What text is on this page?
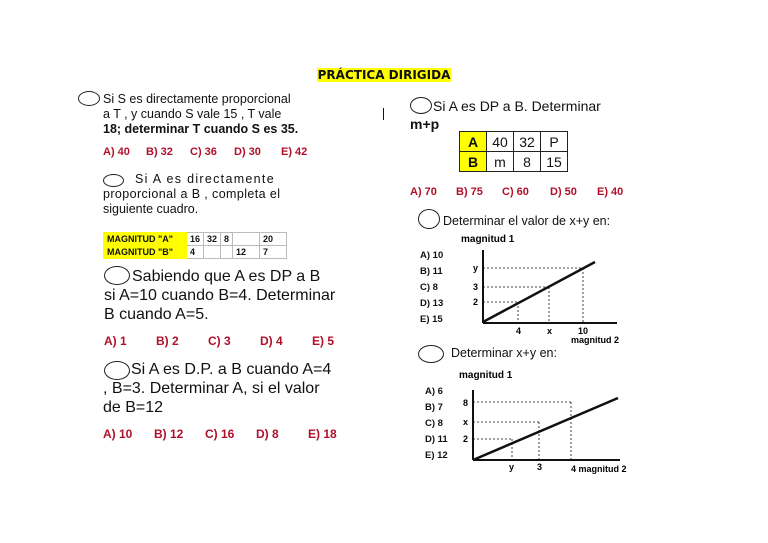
PRÁCTICA DIRIGIDA
Si S es directamente proporcional
a T , y cuando S vale 15 , T vale
18; determinar T cuando S es 35.
A) 40	B) 32	C) 36	D) 30	E) 42
Si A es directamente
proporcional a B , completa el
siguiente cuadro.
MAGNITUD "A"	16	32	8		20
MAGNITUD "B"	4			12	7
Sabiendo que A es DP a B
si A=10 cuando B=4. Determinar
B cuando A=5.
A) 1	B) 2	C) 3	D) 4	E) 5
Si A es D.P. a B cuando A=4
, B=3. Determinar A, si el valor
de B=12
A) 10	B) 12	C) 16	D) 8	E) 18
Si A es DP a B. Determinar
m+p
A	40	32	P
B	m	8	15
A) 70	B) 75	C) 60	D) 50	E) 40
Determinar el valor de x+y en:
A) 10
B) 11
C) 8
D) 13
E) 15
magnitud 1
y
3
2
4	x	10
magnitud 2
Determinar x+y en:
A) 6
B) 7
C) 8
D) 11
E) 12
magnitud 1
8
x
2
y	3	4 magnitud 2
